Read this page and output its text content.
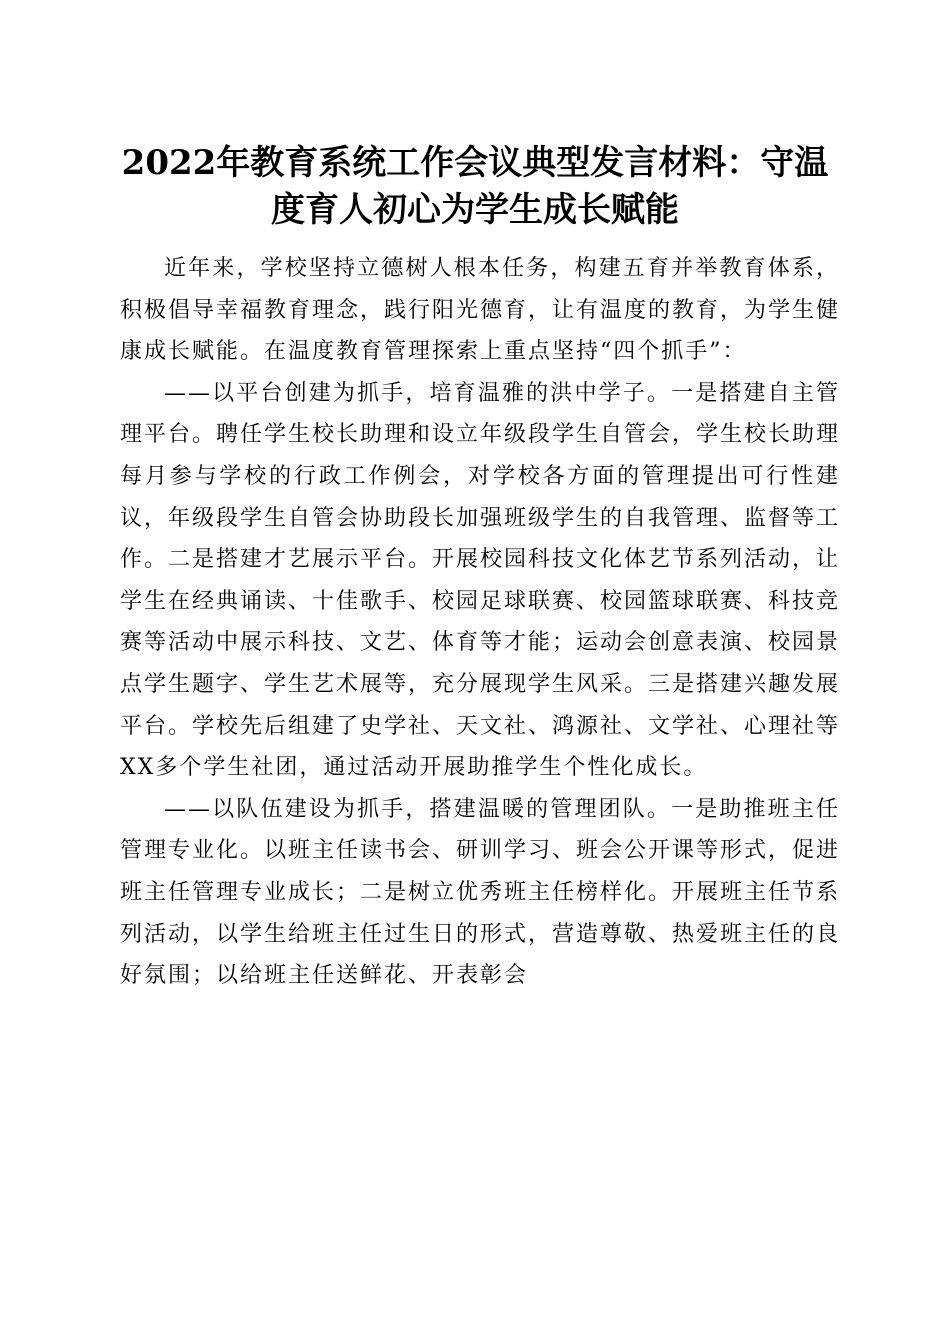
2022年教育系统工作会议典型发言材料：守温度育人初心为学生成长赋能

近年来，学校坚持立德树人根本任务，构建五育并举教育体系，积极倡导幸福教育理念，践行阳光德育，让有温度的教育，为学生健康成长赋能。在温度教育管理探索上重点坚持“四个抓手”：

——以平台创建为抓手，培育温雅的洪中学子。一是搭建自主管理平台。聘任学生校长助理和设立年级段学生自管会，学生校长助理每月参与学校的行政工作例会，对学校各方面的管理提出可行性建议，年级段学生自管会协助段长加强班级学生的自我管理、监督等工作。二是搭建才艺展示平台。开展校园科技文化体艺节系列活动，让学生在经典诵读、十佳歌手、校园足球联赛、校园篮球联赛、科技竞赛等活动中展示科技、文艺、体育等才能；运动会创意表演、校园景点学生题字、学生艺术展等，充分展现学生风采。三是搭建兴趣发展平台。学校先后组建了史学社、天文社、鸿源社、文学社、心理社等XX多个学生社团，通过活动开展助推学生个性化成长。

——以队伍建设为抓手，搭建温暖的管理团队。一是助推班主任管理专业化。以班主任读书会、研训学习、班会公开课等形式，促进班主任管理专业成长；二是树立优秀班主任榜样化。开展班主任节系列活动，以学生给班主任过生日的形式，营造尊敬、热爱班主任的良好氛围；以给班主任送鲜花、开表彰会
